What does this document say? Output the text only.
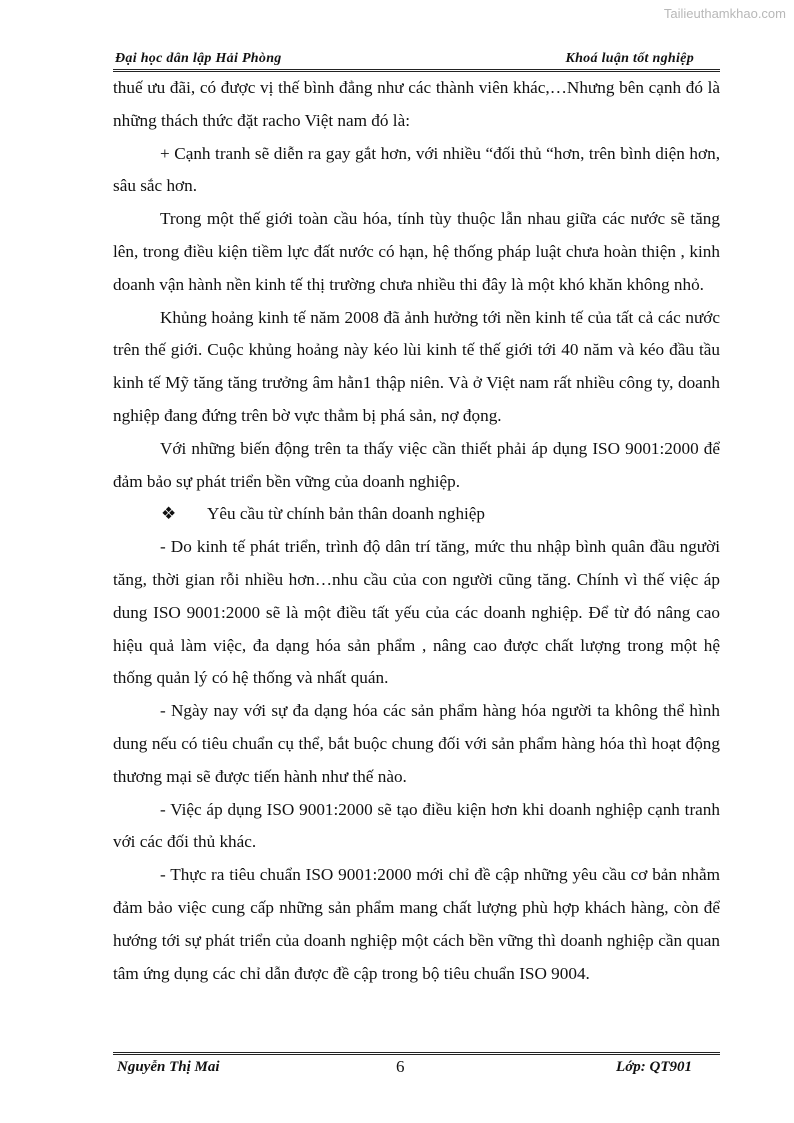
Tailieuthamkhao.com
Đại học dân lập Hải Phòng	Khoá luận tốt nghiệp

thuế ưu đãi, có được vị thế bình đẳng như các thành viên khác,…Nhưng bên cạnh đó là những thách thức đặt racho Việt nam đó là:

+ Cạnh tranh sẽ diễn ra gay gắt hơn, với nhiều “đối thủ “hơn, trên bình diện hơn, sâu sắc hơn.

Trong một thế giới toàn cầu hóa, tính tùy thuộc lẫn nhau giữa các nước sẽ tăng lên, trong điều kiện tiềm lực đất nước có hạn, hệ thống pháp luật chưa hoàn thiện , kinh doanh vận hành nền kinh tế thị trường chưa nhiều thi đây là một khó khăn không nhỏ.

Khủng hoảng kinh tế năm 2008 đã ảnh hưởng tới nền kinh tế của tất cả các nước trên thế giới. Cuộc khủng hoảng này kéo lùi kinh tế thế giới tới 40 năm và kéo đầu tầu kinh tế Mỹ tăng tăng trưởng âm hằn1 thập niên. Và ở Việt nam rất nhiều công ty, doanh nghiệp đang đứng trên bờ vực thẳm bị phá sản, nợ đọng.

Với những biến động trên ta thấy việc cần thiết phải áp dụng ISO 9001:2000 để đảm bảo sự phát triển bền vững của doanh nghiệp.

❖ Yêu cầu từ chính bản thân doanh nghiệp

- Do kinh tế phát triển, trình độ dân trí tăng, mức thu nhập bình quân đầu người tăng, thời gian rỗi nhiều hơn…nhu cầu của con người cũng tăng. Chính vì thế việc áp dung ISO 9001:2000 sẽ là một điều tất yếu của các doanh nghiệp. Để từ đó nâng cao hiệu quả làm việc, đa dạng hóa sản phẩm , nâng cao được chất lượng trong một hệ thống quản lý có hệ thống và nhất quán.

- Ngày nay với sự đa dạng hóa các sản phẩm hàng hóa người ta không thể hình dung nếu có tiêu chuẩn cụ thể, bắt buộc chung đối với sản phẩm hàng hóa thì hoạt động thương mại sẽ được tiến hành như thế nào.

- Việc áp dụng ISO 9001:2000 sẽ tạo điều kiện hơn khi doanh nghiệp cạnh tranh với các đối thủ khác.

- Thực ra tiêu chuẩn ISO 9001:2000 mới chỉ đề cập những yêu cầu cơ bản nhằm đảm bảo việc cung cấp những sản phẩm mang chất lượng phù hợp khách hàng, còn để hướng tới sự phát triển của doanh nghiệp một cách bền vững thì doanh nghiệp cần quan tâm ứng dụng các chỉ dẫn được đề cập trong bộ tiêu chuẩn ISO 9004.

Nguyễn Thị Mai	6	Lớp: QT901
